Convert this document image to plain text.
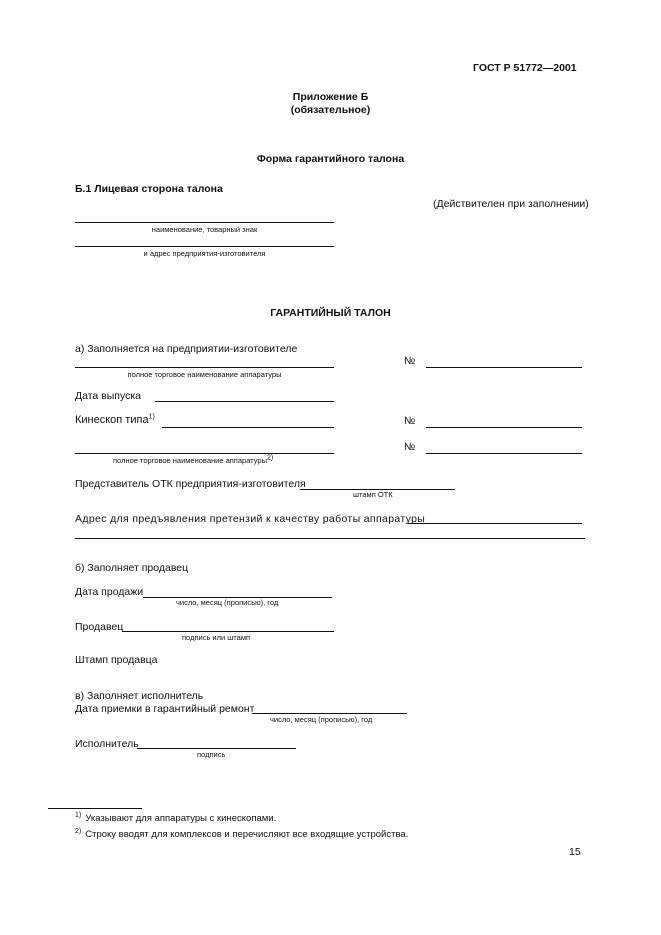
ГОСТ Р 51772—2001
Приложение Б
(обязательное)
Форма гарантийного талона
Б.1 Лицевая сторона талона
(Действителен при заполнении)
наименование, товарный знак
и адрес предприятия-изготовителя
ГАРАНТИЙНЫЙ ТАЛОН
а) Заполняется на предприятии-изготовителе
полное торговое наименование аппаратуры
№
Дата выпуска
Кинескоп типа$^{1)}$	№
полное торговое наименование аппаратуры$^{2)}$
№
Представитель ОТК предприятия-изготовителя
штамп ОТК
Адрес для предъявления претензий к качеству работы аппаратуры
б) Заполняет продавец
Дата продажи
число, месяц (прописью), год
Продавец
подпись или штамп
Штамп продавца
в) Заполняет исполнитель
Дата приемки в гарантийный ремонт
число, месяц (прописью), год
Исполнитель
подпись
$^{1)}$ Указывают для аппаратуры с кинескопами.
$^{2)}$ Строку вводят для комплексов и перечисляют все входящие устройства.
15
